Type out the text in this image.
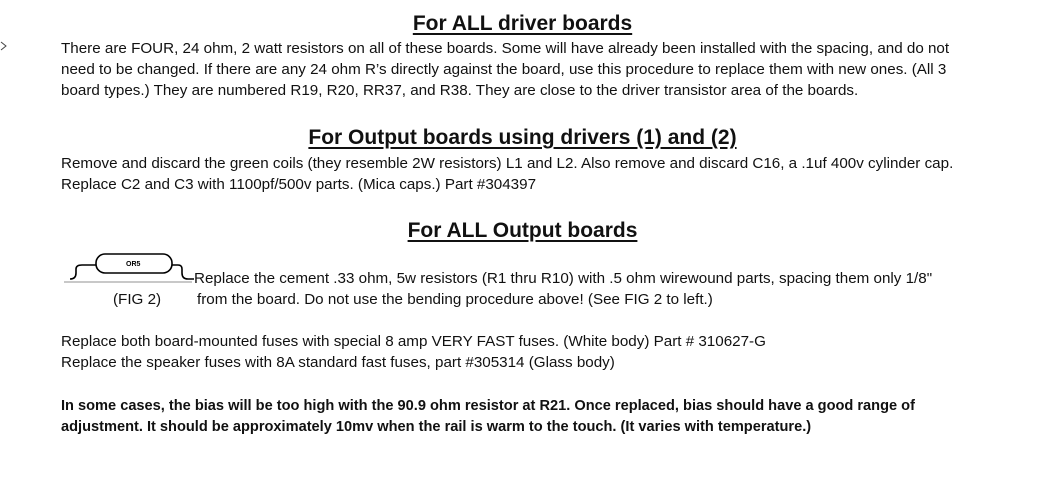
For ALL driver boards
There are FOUR, 24 ohm, 2 watt resistors on all of these boards. Some will have already been installed with the spacing, and do not
need to be changed. If there are any 24 ohm R’s directly against the board, use this procedure to replace them with new ones. (All 3
board types.) They are numbered R19, R20, RR37, and R38. They are close to the driver transistor area of the boards.
For Output boards using drivers (1) and (2)
Remove and discard the green coils (they resemble 2W resistors) L1 and L2. Also remove and discard C16, a .1uf 400v cylinder cap.
Replace C2 and C3 with 1100pf/500v parts. (Mica caps.) Part #304397
For ALL Output boards
OR5
(FIG 2)
Replace the cement .33 ohm, 5w resistors (R1 thru R10) with .5 ohm wirewound parts, spacing them only 1/8"
from the board. Do not use the bending procedure above! (See FIG 2 to left.)
Replace both board-mounted fuses with special 8 amp VERY FAST fuses. (White body) Part # 310627-G
Replace the speaker fuses with 8A standard fast fuses, part #305314 (Glass body)
In some cases, the bias will be too high with the 90.9 ohm resistor at R21. Once replaced, bias should have a good range of
adjustment. It should be approximately 10mv when the rail is warm to the touch. (It varies with temperature.)
